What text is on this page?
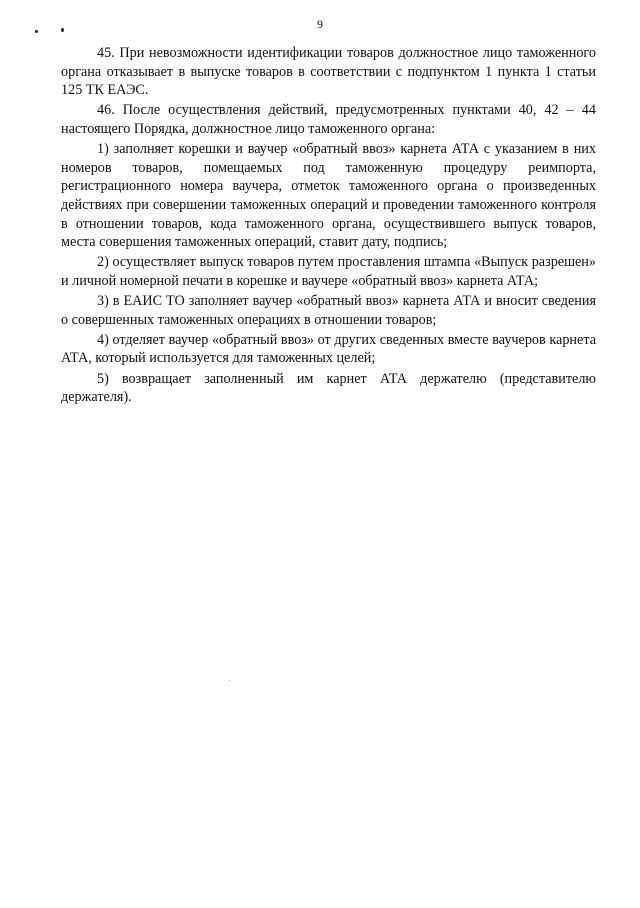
9

45. При невозможности идентификации товаров должностное лицо таможенного органа отказывает в выпуске товаров в соответствии с подпунктом 1 пункта 1 статьи 125 ТК ЕАЭС.

46. После осуществления действий, предусмотренных пунктами 40, 42 – 44 настоящего Порядка, должностное лицо таможенного органа:

1) заполняет корешки и ваучер «обратный ввоз» карнета АТА с указанием в них номеров товаров, помещаемых под таможенную процедуру реимпорта, регистрационного номера ваучера, отметок таможенного органа о произведенных действиях при совершении таможенных операций и проведении таможенного контроля в отношении товаров, кода таможенного органа, осуществившего выпуск товаров, места совершения таможенных операций, ставит дату, подпись;

2) осуществляет выпуск товаров путем проставления штампа «Выпуск разрешен» и личной номерной печати в корешке и ваучере «обратный ввоз» карнета АТА;

3) в ЕАИС ТО заполняет ваучер «обратный ввоз» карнета АТА и вносит сведения о совершенных таможенных операциях в отношении товаров;

4) отделяет ваучер «обратный ввоз» от других сведенных вместе ваучеров карнета АТА, который используется для таможенных целей;

5) возвращает заполненный им карнет АТА держателю (представителю держателя).
